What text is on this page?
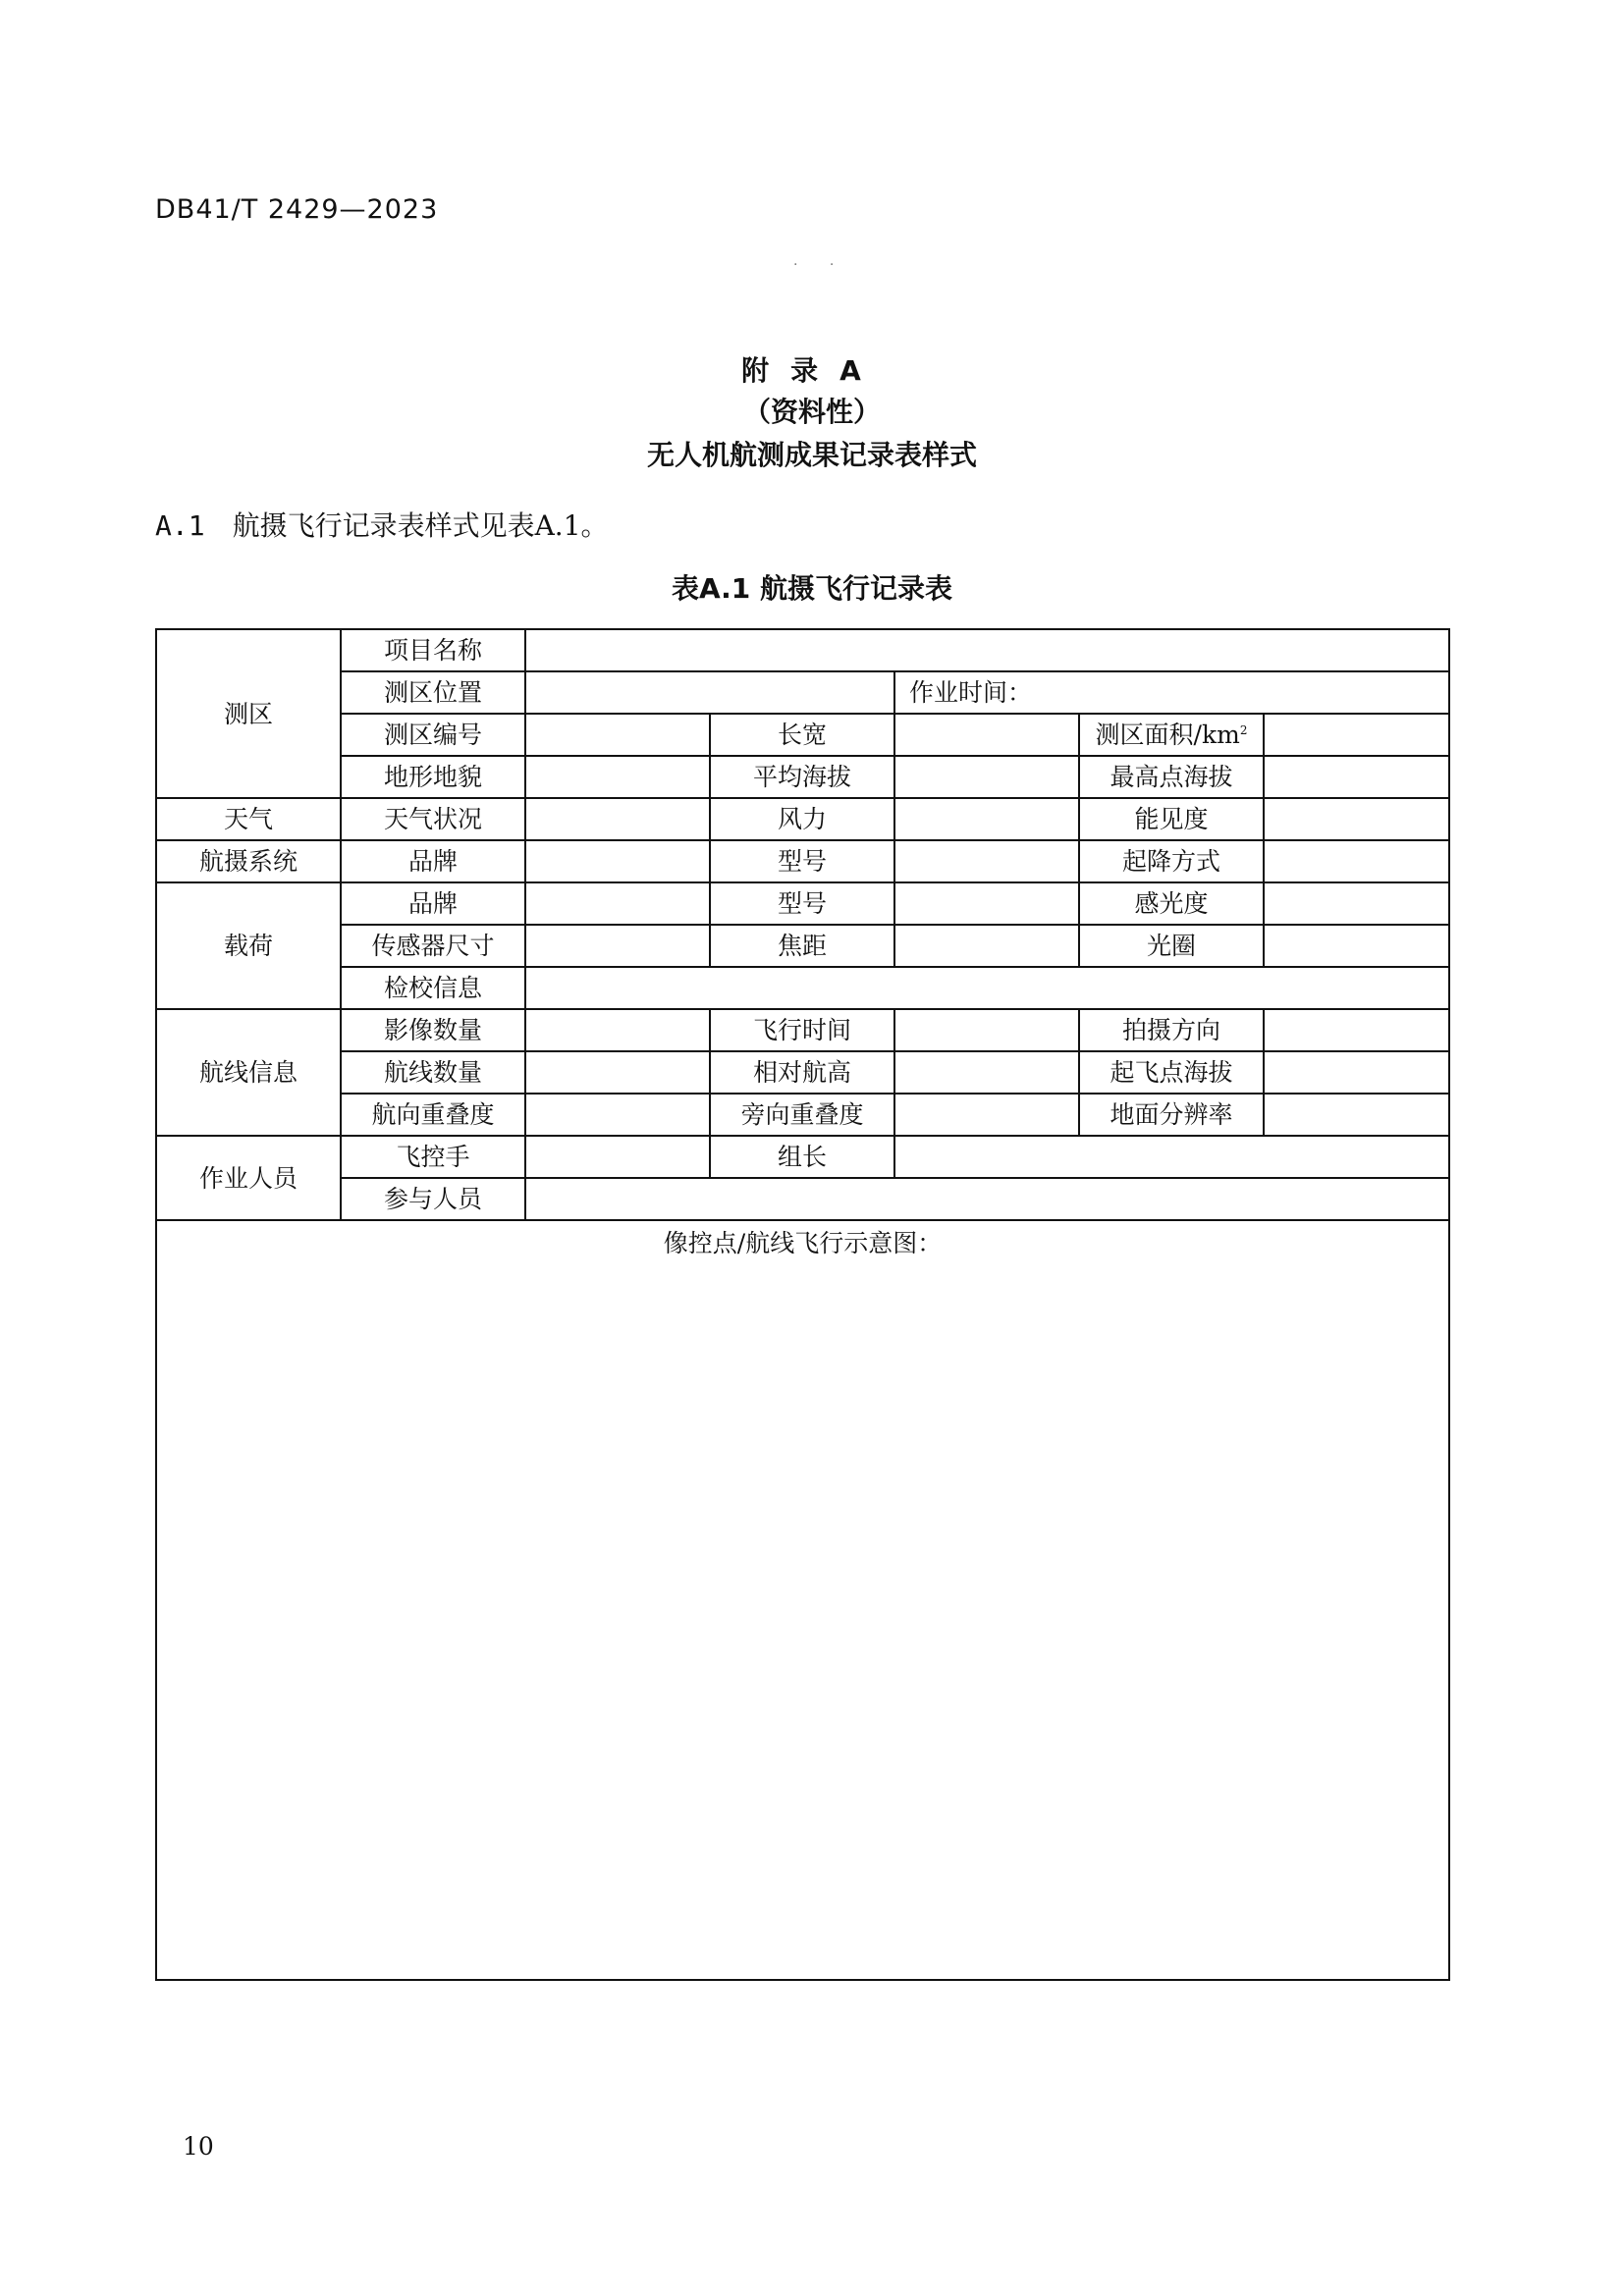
DB41/T 2429—2023
. .
附录A
（资料性）
无人机航测成果记录表样式
A.1 航摄飞行记录表样式见表A.1。
表A.1 航摄飞行记录表
测区	项目名称					
	测区位置			作业时间：		
	测区编号		长宽		测区面积$/km^2$	
	地形地貌		平均海拔		最高点海拔	
天气	天气状况		风力		能见度	
航摄系统	品牌		型号		起降方式	
载荷	品牌		型号		感光度	
	传感器尺寸		焦距		光圈	
	检校信息					
航线信息	影像数量		飞行时间		拍摄方向	
	航线数量		相对航高		起飞点海拔	
	航向重叠度		旁向重叠度		地面分辨率	
作业人员	飞控手		组长			
	参与人员					
像控点/航线飞行示意图：						
10
